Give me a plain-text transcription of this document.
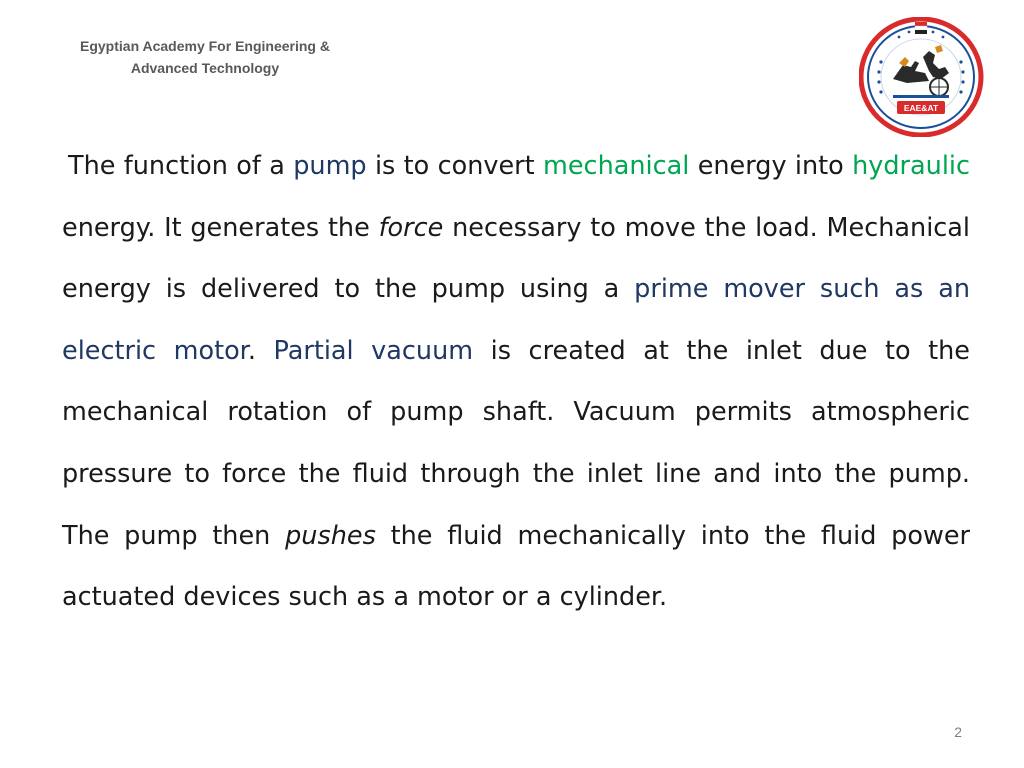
Egyptian Academy For Engineering &
Advanced Technology
EAE&AT
The function of a pump is to convert mechanical energy into hydraulic energy. It generates the force necessary to move the load. Mechanical energy is delivered to the pump using a prime mover such as an electric motor. Partial vacuum is created at the inlet due to the mechanical rotation of pump shaft. Vacuum permits atmospheric pressure to force the fluid through the inlet line and into the pump. The pump then pushes the fluid mechanically into the fluid power actuated devices such as a motor or a cylinder.
2
